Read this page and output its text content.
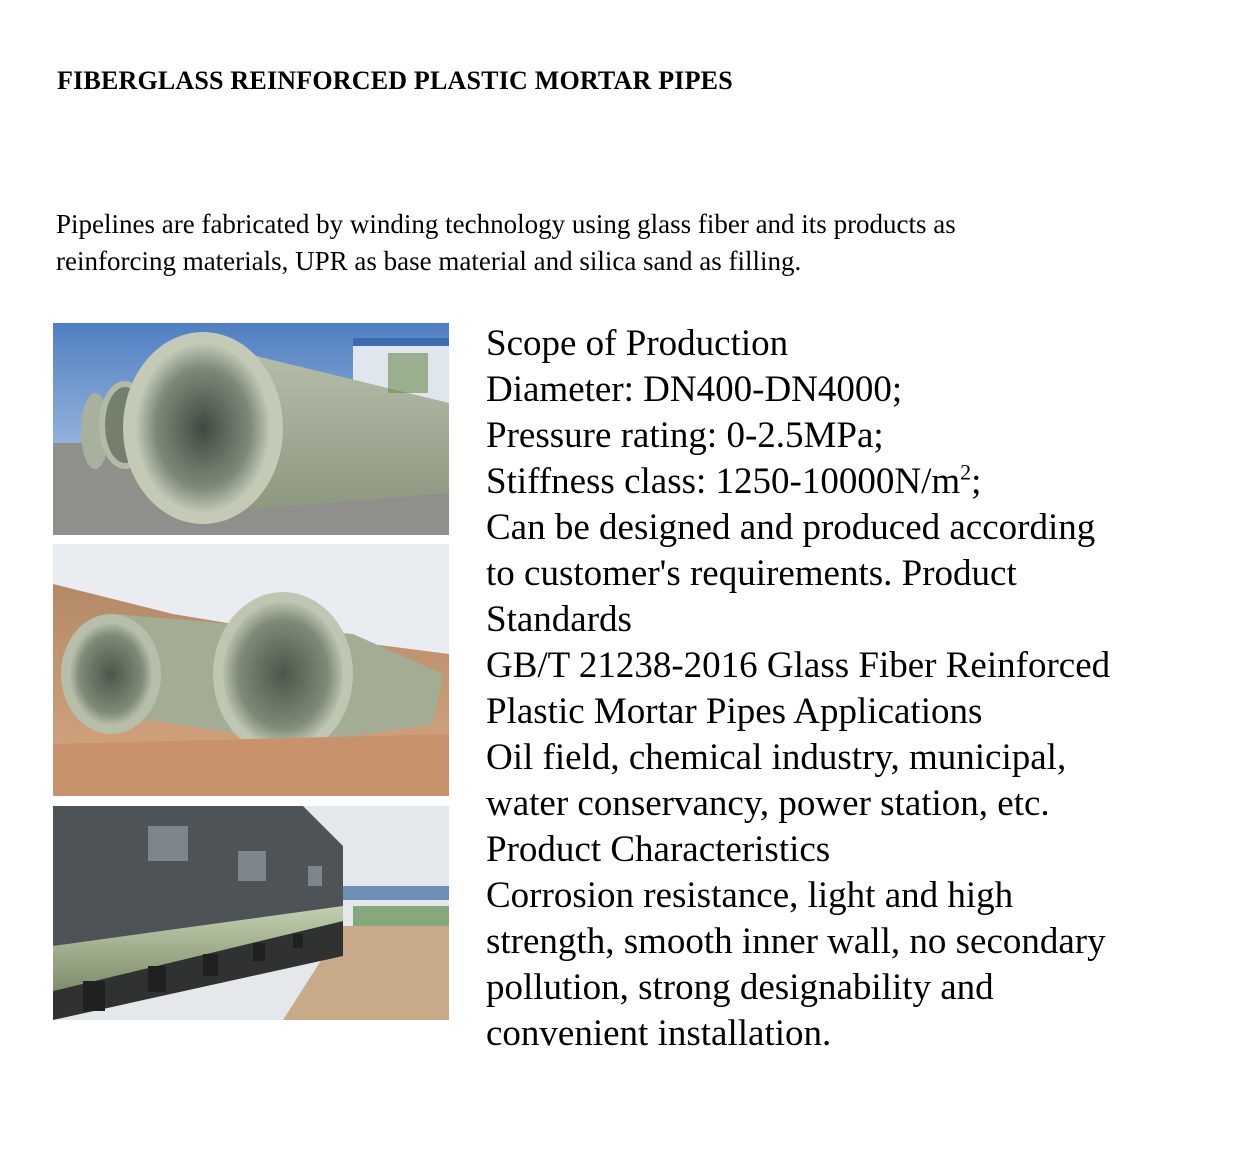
FIBERGLASS REINFORCED PLASTIC MORTAR PIPES

Pipelines are fabricated by winding technology using glass fiber and its products as
reinforcing materials, UPR as base material and silica sand as filling.

Scope of Production
Diameter: DN400-DN4000;
Pressure rating: 0-2.5MPa;
Stiffness class: $1250-10000N/m^2$;
Can be designed and produced according
to customer's requirements. Product
Standards
GB/T 21238-2016 Glass Fiber Reinforced
Plastic Mortar Pipes Applications
Oil field, chemical industry, municipal,
water conservancy, power station, etc.
Product Characteristics
Corrosion resistance, light and high
strength, smooth inner wall, no secondary
pollution, strong designability and
convenient installation.
